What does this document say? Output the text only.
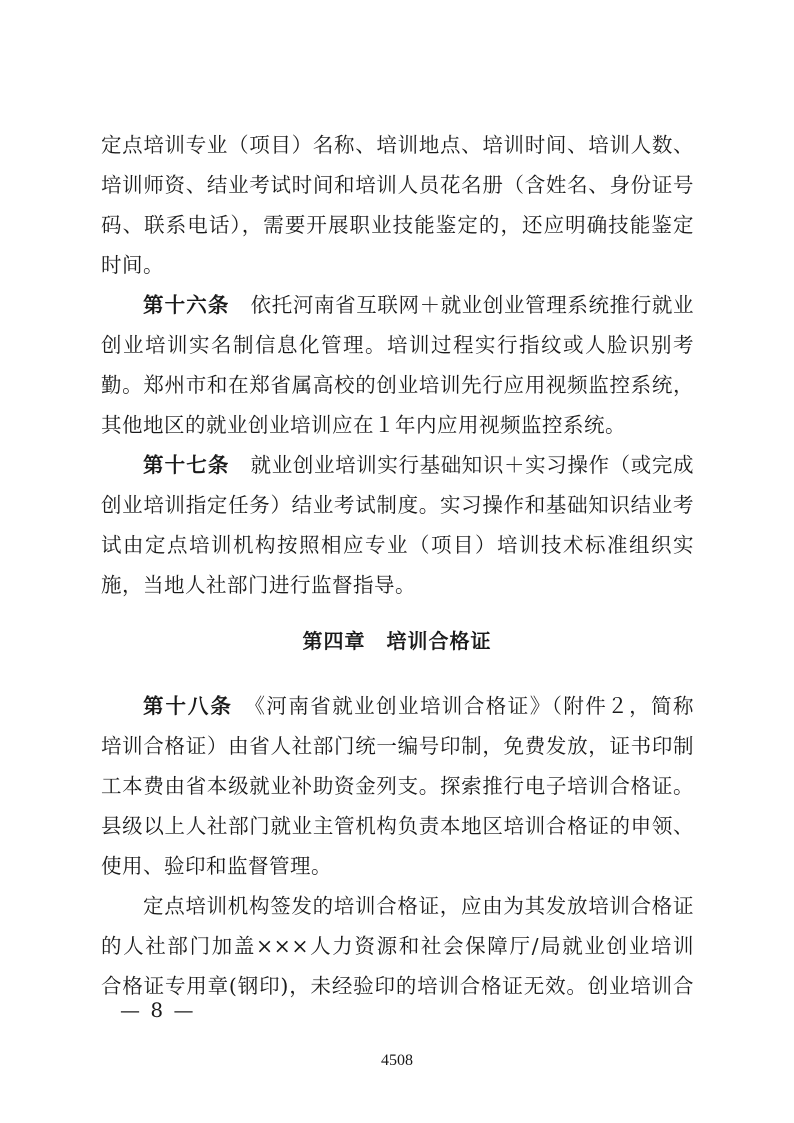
定点培训专业（项目）名称、培训地点、培训时间、培训人数、
培训师资、结业考试时间和培训人员花名册（含姓名、身份证号
码、联系电话），需要开展职业技能鉴定的，还应明确技能鉴定
时间。
第十六条　 依托河南省互联网＋就业创业管理系统推行就业
创业培训实名制信息化管理。培训过程实行指纹或人脸识别考
勤。郑州市和在郑省属高校的创业培训先行应用视频监控系统，
其他地区的就业创业培训应在１年内应用视频监控系统。
第十七条　 就业创业培训实行基础知识＋实习操作（或完成
创业培训指定任务）结业考试制度。实习操作和基础知识结业考
试由定点培训机构按照相应专业（项目）培训技术标准组织实
施，当地人社部门进行监督指导。
第四章　培训合格证
第十八条　 《河南省就业创业培训合格证》（附件２，简称
培训合格证）由省人社部门统一编号印制，免费发放，证书印制
工本费由省本级就业补助资金列支。探索推行电子培训合格证。
县级以上人社部门就业主管机构负责本地区培训合格证的申领、
使用、验印和监督管理。
定点培训机构签发的培训合格证，应由为其发放培训合格证
的人社部门加盖×××人力资源和社会保障厅/局就业创业培训
合格证专用章(钢印)，未经验印的培训合格证无效。创业培训合
— 8 —
4508
